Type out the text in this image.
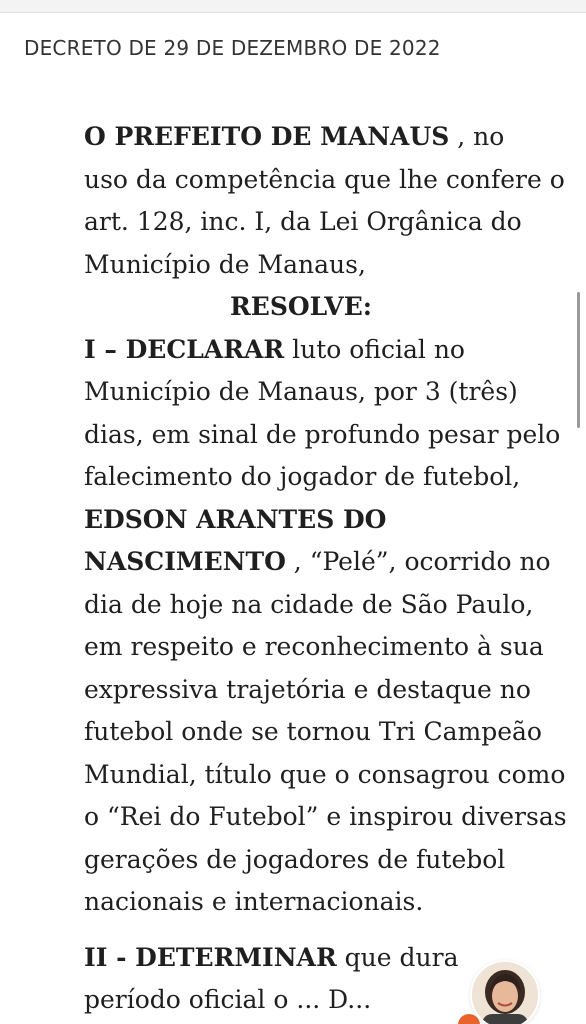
DECRETO DE 29 DE DEZEMBRO DE 2022

O PREFEITO DE MANAUS , no
uso da competência que lhe confere o
art. 128, inc. I, da Lei Orgânica do
Município de Manaus,

RESOLVE:

I – DECLARAR luto oficial no
Município de Manaus, por 3 (três)
dias, em sinal de profundo pesar pelo
falecimento do jogador de futebol,
EDSON ARANTES DO
NASCIMENTO , “Pelé”, ocorrido no
dia de hoje na cidade de São Paulo,
em respeito e reconhecimento à sua
expressiva trajetória e destaque no
futebol onde se tornou Tri Campeão
Mundial, título que o consagrou como
o “Rei do Futebol” e inspirou diversas
gerações de jogadores de futebol
nacionais e internacionais.

II - DETERMINAR que dura
período oficial o ... D...
